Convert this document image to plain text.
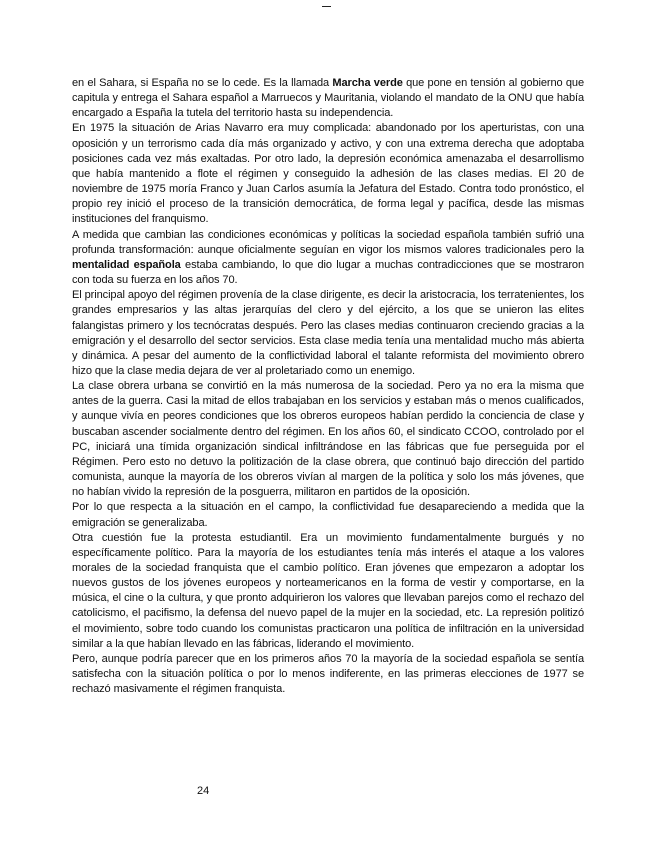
en el Sahara, si España no se lo cede. Es la llamada Marcha verde que pone en tensión al gobierno que capitula y entrega el Sahara español a Marruecos y Mauritania, violando el mandato de la ONU que había encargado a España la tutela del territorio hasta su independencia.

En 1975 la situación de Arias Navarro era muy complicada: abandonado por los aperturistas, con una oposición y un terrorismo cada día más organizado y activo, y con una extrema derecha que adoptaba posiciones cada vez más exaltadas. Por otro lado, la depresión económica amenazaba el desarrollismo que había mantenido a flote el régimen y conseguido la adhesión de las clases medias. El 20 de noviembre de 1975 moría Franco y Juan Carlos asumía la Jefatura del Estado. Contra todo pronóstico, el propio rey inició el proceso de la transición democrática, de forma legal y pacífica, desde las mismas instituciones del franquismo.

A medida que cambian las condiciones económicas y políticas la sociedad española también sufrió una profunda transformación: aunque oficialmente seguían en vigor los mismos valores tradicionales pero la mentalidad española estaba cambiando, lo que dio lugar a muchas contradicciones que se mostraron con toda su fuerza en los años 70.

El principal apoyo del régimen provenía de la clase dirigente, es decir la aristocracia, los terratenientes, los grandes empresarios y las altas jerarquías del clero y del ejército, a los que se unieron las elites falangistas primero y los tecnócratas después. Pero las clases medias continuaron creciendo gracias a la emigración y el desarrollo del sector servicios. Esta clase media tenía una mentalidad mucho más abierta y dinámica. A pesar del aumento de la conflictividad laboral el talante reformista del movimiento obrero hizo que la clase media dejara de ver al proletariado como un enemigo.

La clase obrera urbana se convirtió en la más numerosa de la sociedad. Pero ya no era la misma que antes de la guerra. Casi la mitad de ellos trabajaban en los servicios y estaban más o menos cualificados, y aunque vivía en peores condiciones que los obreros europeos habían perdido la conciencia de clase y buscaban ascender socialmente dentro del régimen. En los años 60, el sindicato CCOO, controlado por el PC, iniciará una tímida organización sindical infiltrándose en las fábricas que fue perseguida por el Régimen. Pero esto no detuvo la politización de la clase obrera, que continuó bajo dirección del partido comunista, aunque la mayoría de los obreros vivían al margen de la política y solo los más jóvenes, que no habían vivido la represión de la posguerra, militaron en partidos de la oposición.

Por lo que respecta a la situación en el campo, la conflictividad fue desapareciendo a medida que la emigración se generalizaba.

Otra cuestión fue la protesta estudiantil. Era un movimiento fundamentalmente burgués y no específicamente político. Para la mayoría de los estudiantes tenía más interés el ataque a los valores morales de la sociedad franquista que el cambio político. Eran jóvenes que empezaron a adoptar los nuevos gustos de los jóvenes europeos y norteamericanos en la forma de vestir y comportarse, en la música, el cine o la cultura, y que pronto adquirieron los valores que llevaban parejos como el rechazo del catolicismo, el pacifismo, la defensa del nuevo papel de la mujer en la sociedad, etc. La represión politizó el movimiento, sobre todo cuando los comunistas practicaron una política de infiltración en la universidad similar a la que habían llevado en las fábricas, liderando el movimiento.

Pero, aunque podría parecer que en los primeros años 70 la mayoría de la sociedad española se sentía satisfecha con la situación política o por lo menos indiferente, en las primeras elecciones de 1977 se rechazó masivamente el régimen franquista.

24
